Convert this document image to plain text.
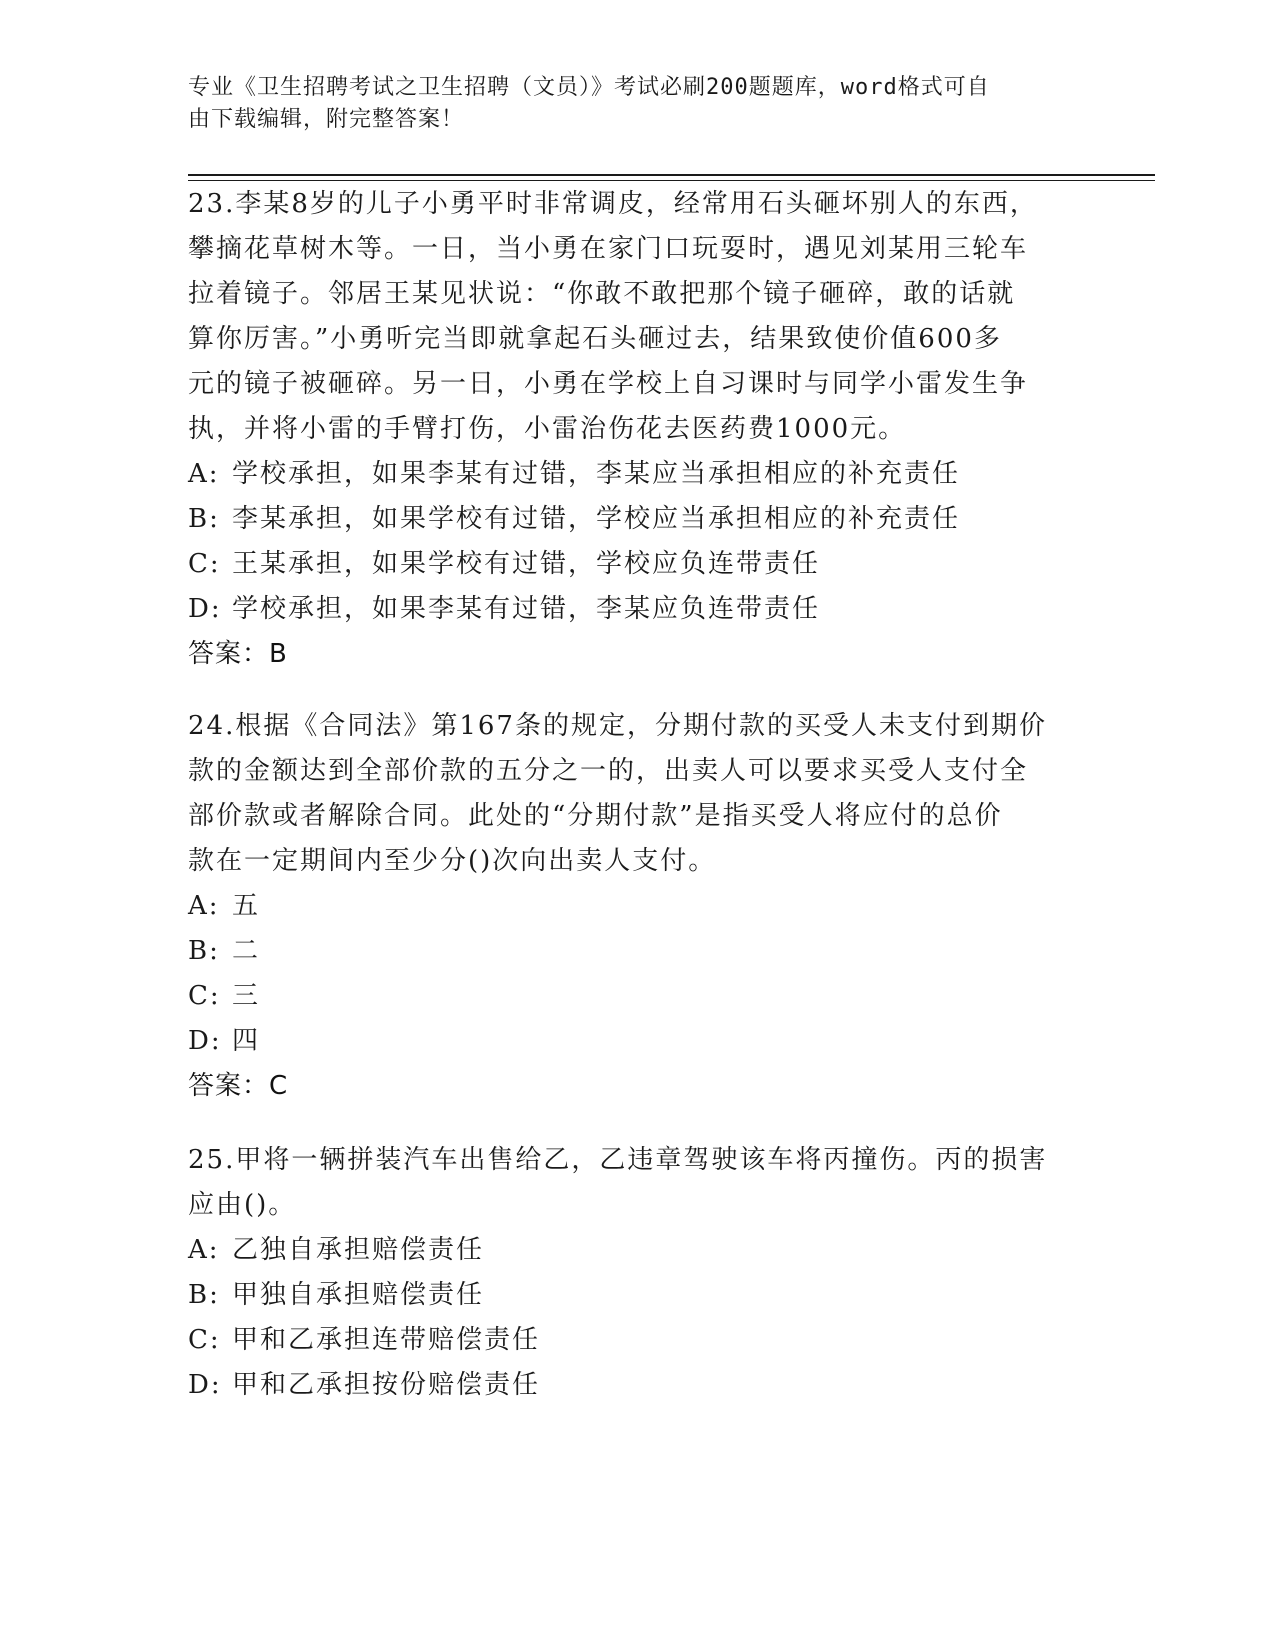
专业《卫生招聘考试之卫生招聘（文员）》考试必刷200题题库，word格式可自
由下载编辑，附完整答案！

23.李某8岁的儿子小勇平时非常调皮，经常用石头砸坏别人的东西，

攀摘花草树木等。一日，当小勇在家门口玩耍时，遇见刘某用三轮车

拉着镜子。邻居王某见状说：“你敢不敢把那个镜子砸碎，敢的话就

算你厉害。”小勇听完当即就拿起石头砸过去，结果致使价值600多

元的镜子被砸碎。另一日，小勇在学校上自习课时与同学小雷发生争

执，并将小雷的手臂打伤，小雷治伤花去医药费1000元。

A: 学校承担，如果李某有过错，李某应当承担相应的补充责任

B: 李某承担，如果学校有过错，学校应当承担相应的补充责任

C: 王某承担，如果学校有过错，学校应负连带责任

D: 学校承担，如果李某有过错，李某应负连带责任

答案：B

24.根据《合同法》第167条的规定，分期付款的买受人未支付到期价

款的金额达到全部价款的五分之一的，出卖人可以要求买受人支付全

部价款或者解除合同。此处的“分期付款”是指买受人将应付的总价

款在一定期间内至少分()次向出卖人支付。

A: 五

B: 二

C: 三

D: 四

答案：C

25.甲将一辆拼装汽车出售给乙，乙违章驾驶该车将丙撞伤。丙的损害

应由()。

A: 乙独自承担赔偿责任

B: 甲独自承担赔偿责任

C: 甲和乙承担连带赔偿责任

D: 甲和乙承担按份赔偿责任
